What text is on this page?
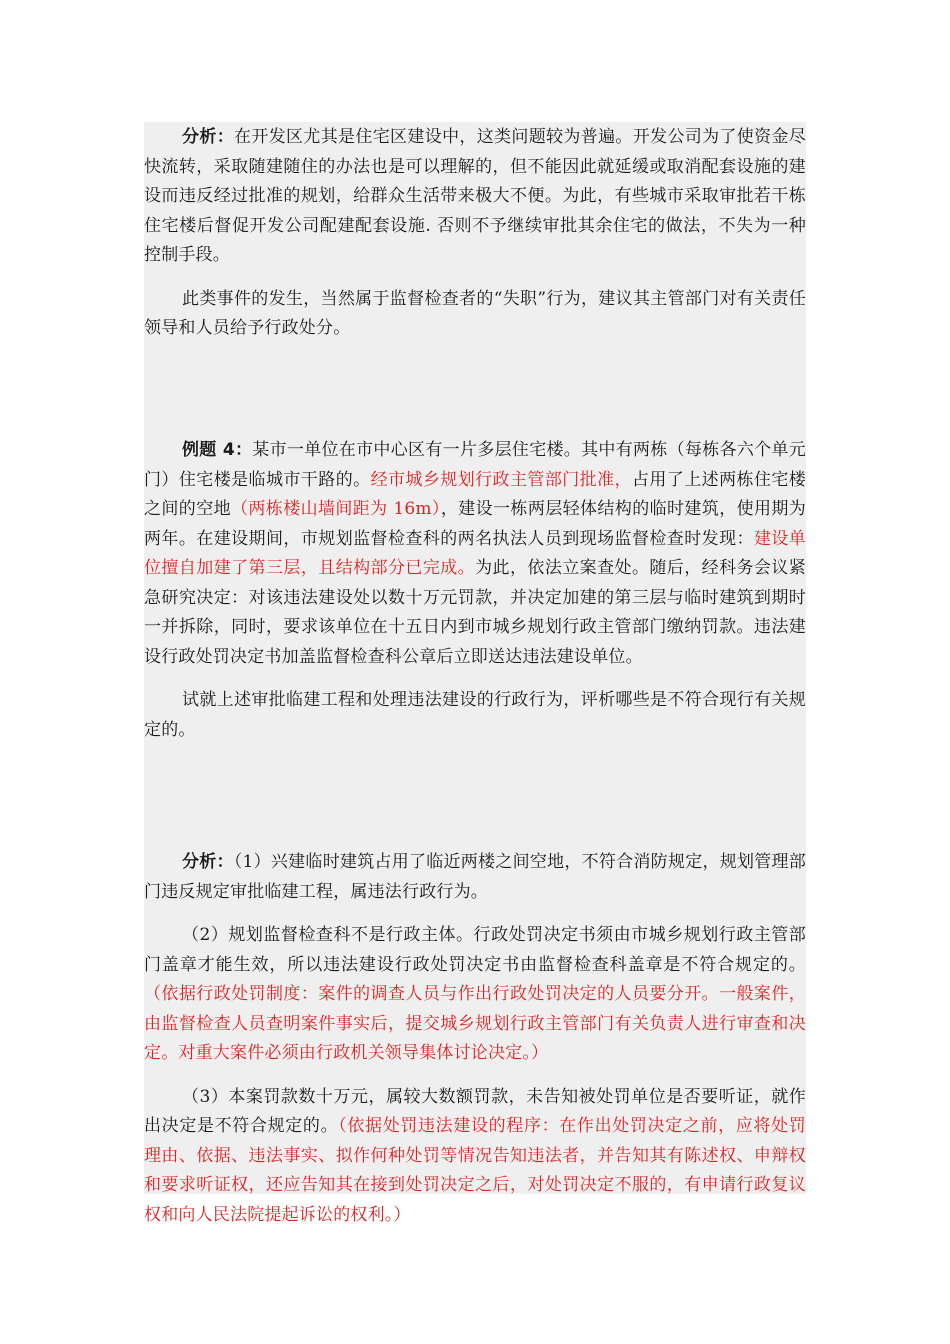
分析：在开发区尤其是住宅区建设中，这类问题较为普遍。开发公司为了使资金尽快流转，采取随建随住的办法也是可以理解的，但不能因此就延缓或取消配套设施的建设而违反经过批准的规划，给群众生活带来极大不便。为此，有些城市采取审批若干栋住宅楼后督促开发公司配建配套设施. 否则不予继续审批其余住宅的做法，不失为一种控制手段。

此类事件的发生，当然属于监督检查者的“失职”行为，建议其主管部门对有关责任领导和人员给予行政处分。

例题 4：某市一单位在市中心区有一片多层住宅楼。其中有两栋（每栋各六个单元门）住宅楼是临城市干路的。经市城乡规划行政主管部门批准，占用了上述两栋住宅楼之间的空地（两栋楼山墙间距为 16m），建设一栋两层轻体结构的临时建筑，使用期为两年。在建设期间，市规划监督检查科的两名执法人员到现场监督检查时发现：建设单位擅自加建了第三层，且结构部分已完成。为此，依法立案查处。随后，经科务会议紧急研究决定：对该违法建设处以数十万元罚款，并决定加建的第三层与临时建筑到期时一并拆除，同时，要求该单位在十五日内到市城乡规划行政主管部门缴纳罚款。违法建设行政处罚决定书加盖监督检查科公章后立即送达违法建设单位。

试就上述审批临建工程和处理违法建设的行政行为，评析哪些是不符合现行有关规定的。

分析：（1）兴建临时建筑占用了临近两楼之间空地，不符合消防规定，规划管理部门违反规定审批临建工程，属违法行政行为。

（2）规划监督检查科不是行政主体。行政处罚决定书须由市城乡规划行政主管部门盖章才能生效，所以违法建设行政处罚决定书由监督检查科盖章是不符合规定的。（依据行政处罚制度：案件的调查人员与作出行政处罚决定的人员要分开。一般案件，由监督检查人员查明案件事实后，提交城乡规划行政主管部门有关负责人进行审查和决定。对重大案件必须由行政机关领导集体讨论决定。）

（3）本案罚款数十万元，属较大数额罚款，未告知被处罚单位是否要听证，就作出决定是不符合规定的。（依据处罚违法建设的程序：在作出处罚决定之前，应将处罚理由、依据、违法事实、拟作何种处罚等情况告知违法者，并告知其有陈述权、申辩权和要求听证权，还应告知其在接到处罚决定之后，对处罚决定不服的，有申请行政复议权和向人民法院提起诉讼的权利。）
